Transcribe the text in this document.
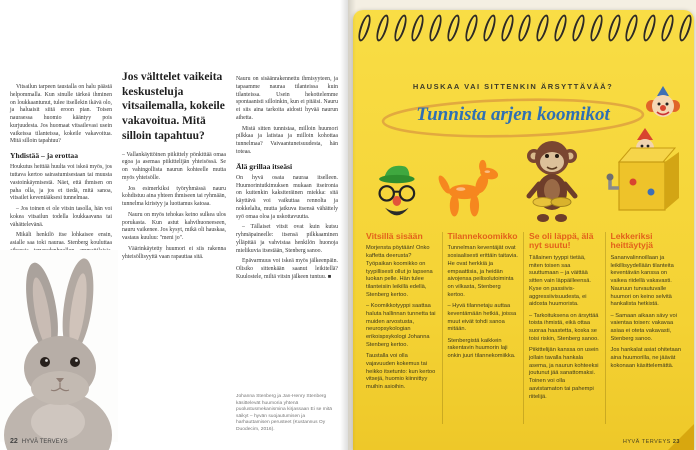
Vitsailun tarpeen taustalla on halu päästä helpommalla. Kun sinulle tärkeä ihminen on loukkaantunut, tulee itsellekin ikävä olo, ja haluaisit siitä eroon pian. Toisen nauraessa huomio kääntyy pois kurjuudesta. Jos huomaat vitsailevasi usein vaikeissa tilanteissa, kokeile vakavoitua. Mitä silloin tapahtuu?

Yhdistää – ja erottaa

Houkutus heittää huulta voi iskeä myös, jos tuttava kertoo sairastumisestaan tai muusta vastoinkäymisestä. Näet, että ihmisen on paha olla, ja jos et tiedä, mitä sanoa, vitsailet keventääksesi tunnelmaa.

– Jos toinen ei ole vitsin tasolla, hän voi kokea vitsailun todella loukkaavana tai vähättelevänä.

Mikäli henkilö itse lohkaisee ensin, asialle saa toki nauraa. Stenberg kouluttaa

Jos välttelet vaikeita keskusteluja vitsailemalla, kokeile vakavoitua. Mitä silloin tapahtuu?

– Vallankäyttöinen piikittely pönkittää omaa egoa ja asemaa piikittelijän yhteisössä. Se on vahingollista naurun kohteelle mutta myös yhteisölle.

Jos esimerkiksi työryhmässä nauru kohdistuu aina yhteen ihmiseen tai ryhmään, tunnelma kiristyy ja luottamus katoaa.

Nauru on myös tehokas keino sulkea ulos porukasta. Kun astut kahvihuoneeseen, nauru vaikenee. Jos kysyt, mikä oli hauskaa, vastaus kuuluu: "meni jo".

Väärinkäytetty huumori ei siis rakenna yhteisöllisyyttä vaan rapauttaa sitä.

Nauru on sisäänrakennettu ihmisyyteen, ja tapaamme nauraa tilanteissa kuin tilanteissa. Usein hekottelemme spontaanisti silloinkin, kun ei pitäisi. Nauru ei siis aina tarkoita aidosti hyvää naurun aihetta.

Mistä sitten tunnistaa, milloin huumori pilkkaa ja latistaa ja milloin kohottaa tunnelmaa? Vaivaantuneisuudesta, hän toteaa.

Älä grillaa itseäsi

On hyvä osata nauraa itselleen. Huumorintutkimuksen mukaan itseironia on kuitenkin kaksiteräinen miekka: sitä käyttävä voi vaikuttaa rennolta ja nokkelalta, mutta jatkuva itsensä vähättely syö omaa oloa ja uskottavuutta.

– Tällaiset vitsit ovat kuin kutsu ryhmäpaineelle: itsensä pilkkaaminen ylläpitää ja vahvistaa henkilön huonoja mielikuvia itsestään, Stenberg sanoo.

Epävarmuus voi iskeä myös jälkeenpäin. Olisiko sittenkään saanut leikitellä? Kuulostele, miltä vitsin jälkeen tuntuu. ■

Johanna Stenberg ja Jan-Henry Stenberg käsittelevät huumoria yhtenä puolustusmekanismina kirjassaan Ei se mitä säikyt – hyvän suojautumisen ja harhauttamisen perusteet (Kustannus Oy Duodecim, 2016).
22 HYVÄ TERVEYS
HAUSKAA VAI SITTENKIN ÄRSYTTÄVÄÄ?
Tunnista arjen koomikot
Vitsillä sisään

Morjensta pöytään! Onko kaffetta deerusta? Työpaikan koomikko on tyypillisesti ollut jo lapsena luokan pelle. Hän tulee tilanteisiin leikillä edellä, Stenberg kertoo.

– Koomikkotyyppi saattaa haluta hallinnan tunnetta tai muiden arvostusta, neuropsykologian erikoispsykologi Johanna Stenberg kertoo.

Taustalla voi olla vajavuuden kokemus tai heikko itsetunto: kun kertoo vitsejä, huomio kiinnittyy muihin asioihin.

Tilannekoomikko

Tunnelman keventäjät ovat sosiaalisesti erittäin taitavia. He ovat herkkiä ja empaattisia, ja heidän aivojensa peilisolutoiminta on vilkasta, Stenberg kertoo.

– Hyvä tilannetaju auttaa keventämään hetkiä, joissa muut eivät tohdi sanoa mitään.

Stenbergistä kaikkein rakentavin huumorin laji onkin juuri tilannekomiikka.

Se oli läppä, älä nyt suutu!

Tällainen tyyppi tietää, miten toisen saa suuttumaan – ja väittää sitten vain läppäilleensä. Kyse on passiivis-aggressiivisuudesta, ei aidosta huumorista.

– Tarkoituksena on ärsyttää toista ihmistä, eikä ottaa suoraa haastetta, koska se toisi riskin, Stenberg sanoo.

Piikittelijän kanssa on usein jollain tavalla hankala asema, ja naurun kohteeksi joutunut jää sanattomaksi. Toinen voi olla aavistamaton tai pahempi riitelijä.

Lekkeriksi heittäytyjä

Sananvalinnoillaan ja leikillisyydellään tilanteita keventävän kanssa on vaikea riidellä vakavasti. Nauruun turvautuvalle huumori on keino selvitä hankalista hetkistä.

– Samaan aikaan sävy voi vaientaa toisen: vakavaa asiaa ei oteta vakavasti, Stenberg sanoo.

Jos hankalat asiat ohitetaan aina huumorilla, ne jäävät kokonaan käsittelemättä.

HYVÄ TERVEYS 23
